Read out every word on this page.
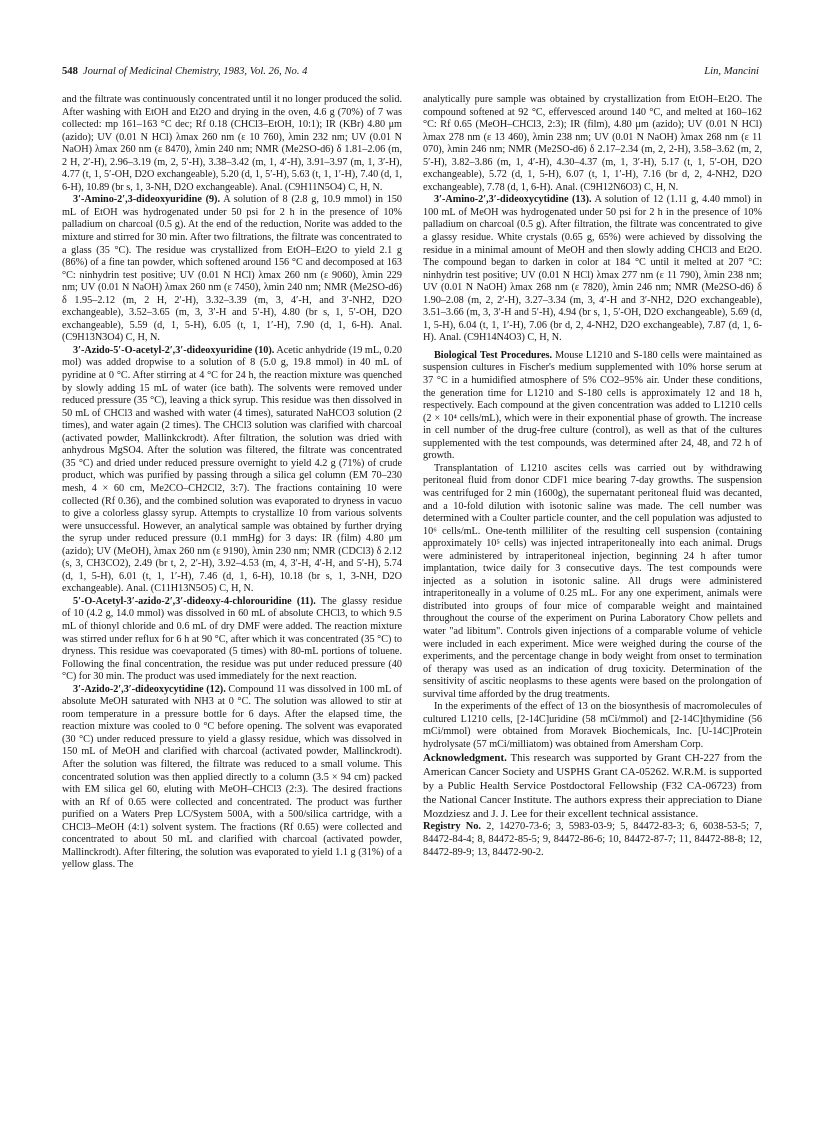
548 Journal of Medicinal Chemistry, 1983, Vol. 26, No. 4	Lin, Mancini

and the filtrate was continuously concentrated until it no longer produced the solid. After washing with EtOH and Et2O and drying in the oven, 4.6 g (70%) of 7 was collected: mp 161–163 °C dec; Rf 0.18 (CHCl3–EtOH, 10:1); IR (KBr) 4.80 μm (azido); UV (0.01 N HCl) λmax 260 nm (ε 10 760), λmin 232 nm; UV (0.01 N NaOH) λmax 260 nm (ε 8470), λmin 240 nm; NMR (Me2SO-d6) δ 1.81–2.06 (m, 2 H, 2′-H), 2.96–3.19 (m, 2, 5′-H), 3.38–3.42 (m, 1, 4′-H), 3.91–3.97 (m, 1, 3′-H), 4.77 (t, 1, 5′-OH, D2O exchangeable), 5.20 (d, 1, 5′-H), 5.63 (t, 1, 1′-H), 7.40 (d, 1, 6-H), 10.89 (br s, 1, 3-NH, D2O exchangeable). Anal. (C9H11N5O4) C, H, N.

3′-Amino-2′,3-dideoxyuridine (9). A solution of 8 (2.8 g, 10.9 mmol) in 150 mL of EtOH was hydrogenated under 50 psi for 2 h in the presence of 10% palladium on charcoal (0.5 g). At the end of the reduction, Norite was added to the mixture and stirred for 30 min. After two filtrations, the filtrate was concentrated to a glass (35 °C). The residue was crystallized from EtOH–Et2O to yield 2.1 g (86%) of a fine tan powder, which softened around 156 °C and decomposed at 163 °C: ninhydrin test positive; UV (0.01 N HCl) λmax 260 nm (ε 9060), λmin 229 nm; UV (0.01 N NaOH) λmax 260 nm (ε 7450), λmin 240 nm; NMR (Me2SO-d6) δ 1.95–2.12 (m, 2 H, 2′-H), 3.32–3.39 (m, 3, 4′-H, and 3′-NH2, D2O exchangeable), 3.52–3.65 (m, 3, 3′-H and 5′-H), 4.80 (br s, 1, 5′-OH, D2O exchangeable), 5.59 (d, 1, 5-H), 6.05 (t, 1, 1′-H), 7.90 (d, 1, 6-H). Anal. (C9H13N3O4) C, H, N.

3′-Azido-5′-O-acetyl-2′,3′-dideoxyuridine (10). Acetic anhydride (19 mL, 0.20 mol) was added dropwise to a solution of 8 (5.0 g, 19.8 mmol) in 40 mL of pyridine at 0 °C. After stirring at 4 °C for 24 h, the reaction mixture was quenched by slowly adding 15 mL of water (ice bath). The solvents were removed under reduced pressure (35 °C), leaving a thick syrup. This residue was then dissolved in 50 mL of CHCl3 and washed with water (4 times), saturated NaHCO3 solution (2 times), and water again (2 times). The CHCl3 solution was clarified with charcoal (activated powder, Mallinkckrodt). After filtration, the solution was dried with anhydrous MgSO4. After the solution was filtered, the filtrate was concentrated (35 °C) and dried under reduced pressure overnight to yield 4.2 g (71%) of crude product, which was purified by passing through a silica gel column (EM 70–230 mesh, 4 × 60 cm, Me2CO–CH2Cl2, 3:7). The fractions containing 10 were collected (Rf 0.36), and the combined solution was evaporated to dryness in vacuo to give a colorless glassy syrup. Attempts to crystallize 10 from various solvents were unsuccessful. However, an analytical sample was obtained by further drying the syrup under reduced pressure (0.1 mmHg) for 3 days: IR (film) 4.80 μm (azido); UV (MeOH), λmax 260 nm (ε 9190), λmin 230 nm; NMR (CDCl3) δ 2.12 (s, 3, CH3CO2), 2.49 (br t, 2, 2′-H), 3.92–4.53 (m, 4, 3′-H, 4′-H, and 5′-H), 5.74 (d, 1, 5-H), 6.01 (t, 1, 1′-H), 7.46 (d, 1, 6-H), 10.18 (br s, 1, 3-NH, D2O exchangeable). Anal. (C11H13N5O5) C, H, N.

5′-O-Acetyl-3′-azido-2′,3′-dideoxy-4-chlorouridine (11). The glassy residue of 10 (4.2 g, 14.0 mmol) was dissolved in 60 mL of absolute CHCl3, to which 9.5 mL of thionyl chloride and 0.6 mL of dry DMF were added. The reaction mixture was stirred under reflux for 6 h at 90 °C, after which it was concentrated (35 °C) to dryness. This residue was coevaporated (5 times) with 80-mL portions of toluene. Following the final concentration, the residue was put under reduced pressure (40 °C) for 30 min. The product was used immediately for the next reaction.

3′-Azido-2′,3′-dideoxycytidine (12). Compound 11 was dissolved in 100 mL of absolute MeOH saturated with NH3 at 0 °C. The solution was allowed to stir at room temperature in a pressure bottle for 6 days. After the elapsed time, the reaction mixture was cooled to 0 °C before opening. The solvent was evaporated (30 °C) under reduced pressure to yield a glassy residue, which was dissolved in 150 mL of MeOH and clarified with charcoal (activated powder, Mallinckrodt). After the solution was filtered, the filtrate was reduced to a small volume. This concentrated solution was then applied directly to a column (3.5 × 94 cm) packed with EM silica gel 60, eluting with MeOH–CHCl3 (2:3). The desired fractions with an Rf of 0.65 were collected and concentrated. The product was further purified on a Waters Prep LC/System 500A, with a 500/silica cartridge, with a CHCl3–MeOH (4:1) solvent system. The fractions (Rf 0.65) were collected and concentrated to about 50 mL and clarified with charcoal (activated powder, Mallinckrodt). After filtering, the solution was evaporated to yield 1.1 g (31%) of a yellow glass. The

analytically pure sample was obtained by crystallization from EtOH–Et2O. The compound softened at 92 °C, effervesced around 140 °C, and melted at 160–162 °C: Rf 0.65 (MeOH–CHCl3, 2:3); IR (film), 4.80 μm (azido); UV (0.01 N HCl) λmax 278 nm (ε 13 460), λmin 238 nm; UV (0.01 N NaOH) λmax 268 nm (ε 11 070), λmin 246 nm; NMR (Me2SO-d6) δ 2.17–2.34 (m, 2, 2-H), 3.58–3.62 (m, 2, 5′-H), 3.82–3.86 (m, 1, 4′-H), 4.30–4.37 (m, 1, 3′-H), 5.17 (t, 1, 5′-OH, D2O exchangeable), 5.72 (d, 1, 5-H), 6.07 (t, 1, 1′-H), 7.16 (br d, 2, 4-NH2, D2O exchangeable), 7.78 (d, 1, 6-H). Anal. (C9H12N6O3) C, H, N.

3′-Amino-2′,3′-dideoxycytidine (13). A solution of 12 (1.11 g, 4.40 mmol) in 100 mL of MeOH was hydrogenated under 50 psi for 2 h in the presence of 10% palladium on charcoal (0.5 g). After filtration, the filtrate was concentrated to give a glassy residue. White crystals (0.65 g, 65%) were achieved by dissolving the residue in a minimal amount of MeOH and then slowly adding CHCl3 and Et2O. The compound began to darken in color at 184 °C until it melted at 207 °C: ninhydrin test positive; UV (0.01 N HCl) λmax 277 nm (ε 11 790), λmin 238 nm; UV (0.01 N NaOH) λmax 268 nm (ε 7820), λmin 246 nm; NMR (Me2SO-d6) δ 1.90–2.08 (m, 2, 2′-H), 3.27–3.34 (m, 3, 4′-H and 3′-NH2, D2O exchangeable), 3.51–3.66 (m, 3, 3′-H and 5′-H), 4.94 (br s, 1, 5′-OH, D2O exchangeable), 5.69 (d, 1, 5-H), 6.04 (t, 1, 1′-H), 7.06 (br d, 2, 4-NH2, D2O exchangeable), 7.87 (d, 1, 6-H). Anal. (C9H14N4O3) C, H, N.

Biological Test Procedures. Mouse L1210 and S-180 cells were maintained as suspension cultures in Fischer's medium supplemented with 10% horse serum at 37 °C in a humidified atmosphere of 5% CO2–95% air. Under these conditions, the generation time for L1210 and S-180 cells is approximately 12 and 18 h, respectively. Each compound at the given concentration was added to L1210 cells (2 × 10⁴ cells/mL), which were in their exponential phase of growth. The increase in cell number of the drug-free culture (control), as well as that of the cultures supplemented with the test compounds, was determined after 24, 48, and 72 h of growth.

Transplantation of L1210 ascites cells was carried out by withdrawing peritoneal fluid from donor CDF1 mice bearing 7-day growths. The suspension was centrifuged for 2 min (1600g), the supernatant peritoneal fluid was decanted, and a 10-fold dilution with isotonic saline was made. The cell number was determined with a Coulter particle counter, and the cell population was adjusted to 10⁶ cells/mL. One-tenth milliliter of the resulting cell suspension (containing approximately 10⁵ cells) was injected intraperitoneally into each animal. Drugs were administered by intraperitoneal injection, beginning 24 h after tumor implantation, twice daily for 3 consecutive days. The test compounds were injected as a solution in isotonic saline. All drugs were administered intraperitoneally in a volume of 0.25 mL. For any one experiment, animals were distributed into groups of four mice of comparable weight and maintained throughout the course of the experiment on Purina Laboratory Chow pellets and water "ad libitum". Controls given injections of a comparable volume of vehicle were included in each experiment. Mice were weighed during the course of the experiments, and the percentage change in body weight from onset to termination of therapy was used as an indication of drug toxicity. Determination of the sensitivity of ascitic neoplasms to these agents were based on the prolongation of survival time afforded by the drug treatments.

In the experiments of the effect of 13 on the biosynthesis of macromolecules of cultured L1210 cells, [2-14C]uridine (58 mCi/mmol) and [2-14C]thymidine (56 mCi/mmol) were obtained from Moravek Biochemicals, Inc. [U-14C]Protein hydrolysate (57 mCi/milliatom) was obtained from Amersham Corp.

Acknowledgment. This research was supported by Grant CH-227 from the American Cancer Society and USPHS Grant CA-05262. W.R.M. is supported by a Public Health Service Postdoctoral Fellowship (F32 CA-06723) from the National Cancer Institute. The authors express their appreciation to Diane Mozdziesz and J. J. Lee for their excellent technical assistance.

Registry No. 2, 14270-73-6; 3, 5983-03-9; 5, 84472-83-3; 6, 6038-53-5; 7, 84472-84-4; 8, 84472-85-5; 9, 84472-86-6; 10, 84472-87-7; 11, 84472-88-8; 12, 84472-89-9; 13, 84472-90-2.
